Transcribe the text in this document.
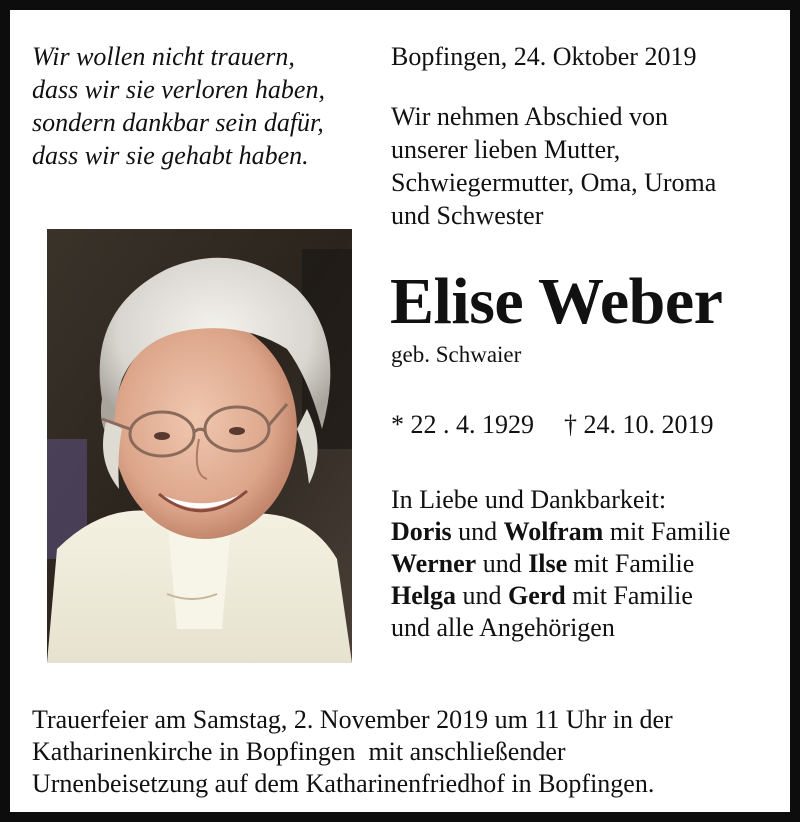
Wir wollen nicht trauern,
dass wir sie verloren haben,
sondern dankbar sein dafür,
dass wir sie gehabt haben.
Bopfingen, 24. Oktober 2019
Wir nehmen Abschied von
unserer lieben Mutter,
Schwiegermutter, Oma, Uroma
und Schwester
Elise Weber
geb. Schwaier
* 22 . 4. 1929 † 24. 10. 2019
In Liebe und Dankbarkeit:
Doris und Wolfram mit Familie
Werner und Ilse mit Familie
Helga und Gerd mit Familie
und alle Angehörigen
Trauerfeier am Samstag, 2. November 2019 um 11 Uhr in der
Katharinenkirche in Bopfingen  mit anschließender
Urnenbeisetzung auf dem Katharinenfriedhof in Bopfingen.
